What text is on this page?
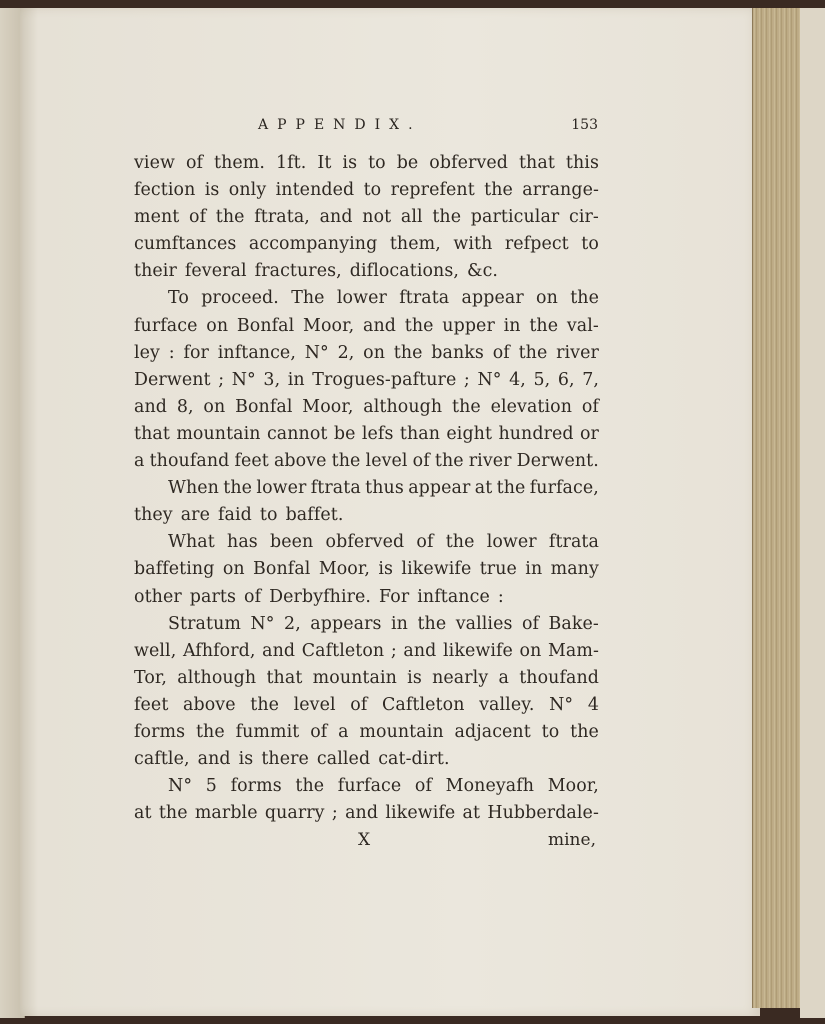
APPENDIX.	153
view of them. 1ft. It is to be obferved that this
fection is only intended to reprefent the arrange-
ment of the ftrata, and not all the particular cir-
cumftances accompanying them, with refpect to
their feveral fractures, diflocations, &c.
To proceed. The lower ftrata appear on the
furface on Bonfal Moor, and the upper in the val-
ley : for inftance, N° 2, on the banks of the river
Derwent ; N° 3, in Trogues-pafture ; N° 4, 5, 6, 7,
and 8, on Bonfal Moor, although the elevation of
that mountain cannot be lefs than eight hundred or
a thoufand feet above the level of the river Derwent.
When the lower ftrata thus appear at the furface,
they are faid to baffet.
What has been obferved of the lower ftrata
baffeting on Bonfal Moor, is likewife true in many
other parts of Derbyfhire. For inftance :
Stratum N° 2, appears in the vallies of Bake-
well, Afhford, and Caftleton ; and likewife on Mam-
Tor, although that mountain is nearly a thoufand
feet above the level of Caftleton valley. N° 4
forms the fummit of a mountain adjacent to the
caftle, and is there called cat-dirt.
N° 5 forms the furface of Moneyafh Moor,
at the marble quarry ; and likewife at Hubberdale-
X	mine,
